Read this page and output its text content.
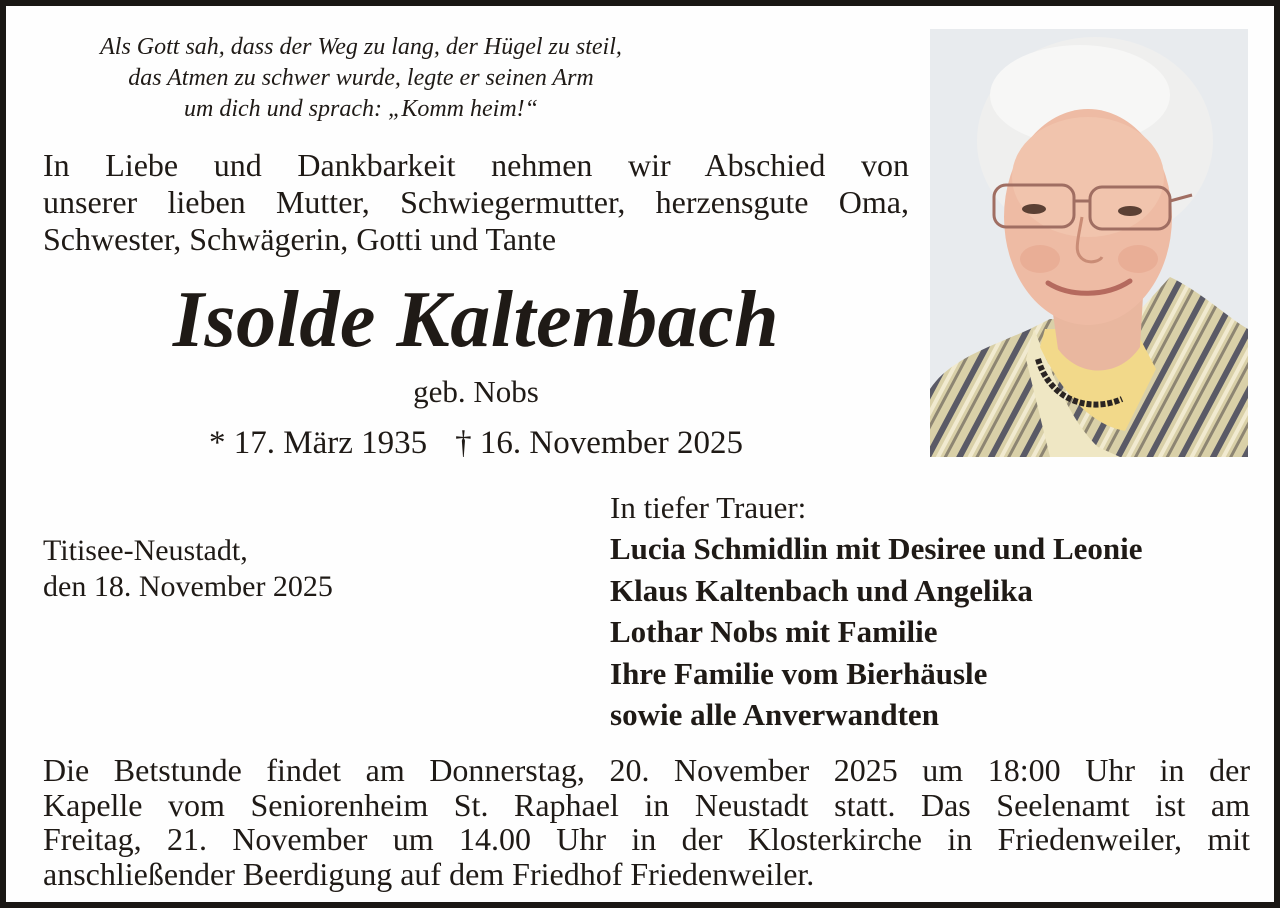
Als Gott sah, dass der Weg zu lang, der Hügel zu steil,
das Atmen zu schwer wurde, legte er seinen Arm
um dich und sprach: „Komm heim!“
In Liebe und Dankbarkeit nehmen wir Abschied von
unserer lieben Mutter, Schwiegermutter, herzensgute Oma,
Schwester, Schwägerin, Gotti und Tante
Isolde Kaltenbach
geb. Nobs
* 17. März 1935 † 16. November 2025
Titisee-Neustadt,
den 18. November 2025
In tiefer Trauer:
Lucia Schmidlin mit Desiree und Leonie
Klaus Kaltenbach und Angelika
Lothar Nobs mit Familie
Ihre Familie vom Bierhäusle
sowie alle Anverwandten
Die Betstunde findet am Donnerstag, 20. November 2025 um 18:00 Uhr in der
Kapelle vom Seniorenheim St. Raphael in Neustadt statt. Das Seelenamt ist am
Freitag, 21. November um 14.00 Uhr in der Klosterkirche in Friedenweiler, mit
anschließender Beerdigung auf dem Friedhof Friedenweiler.
